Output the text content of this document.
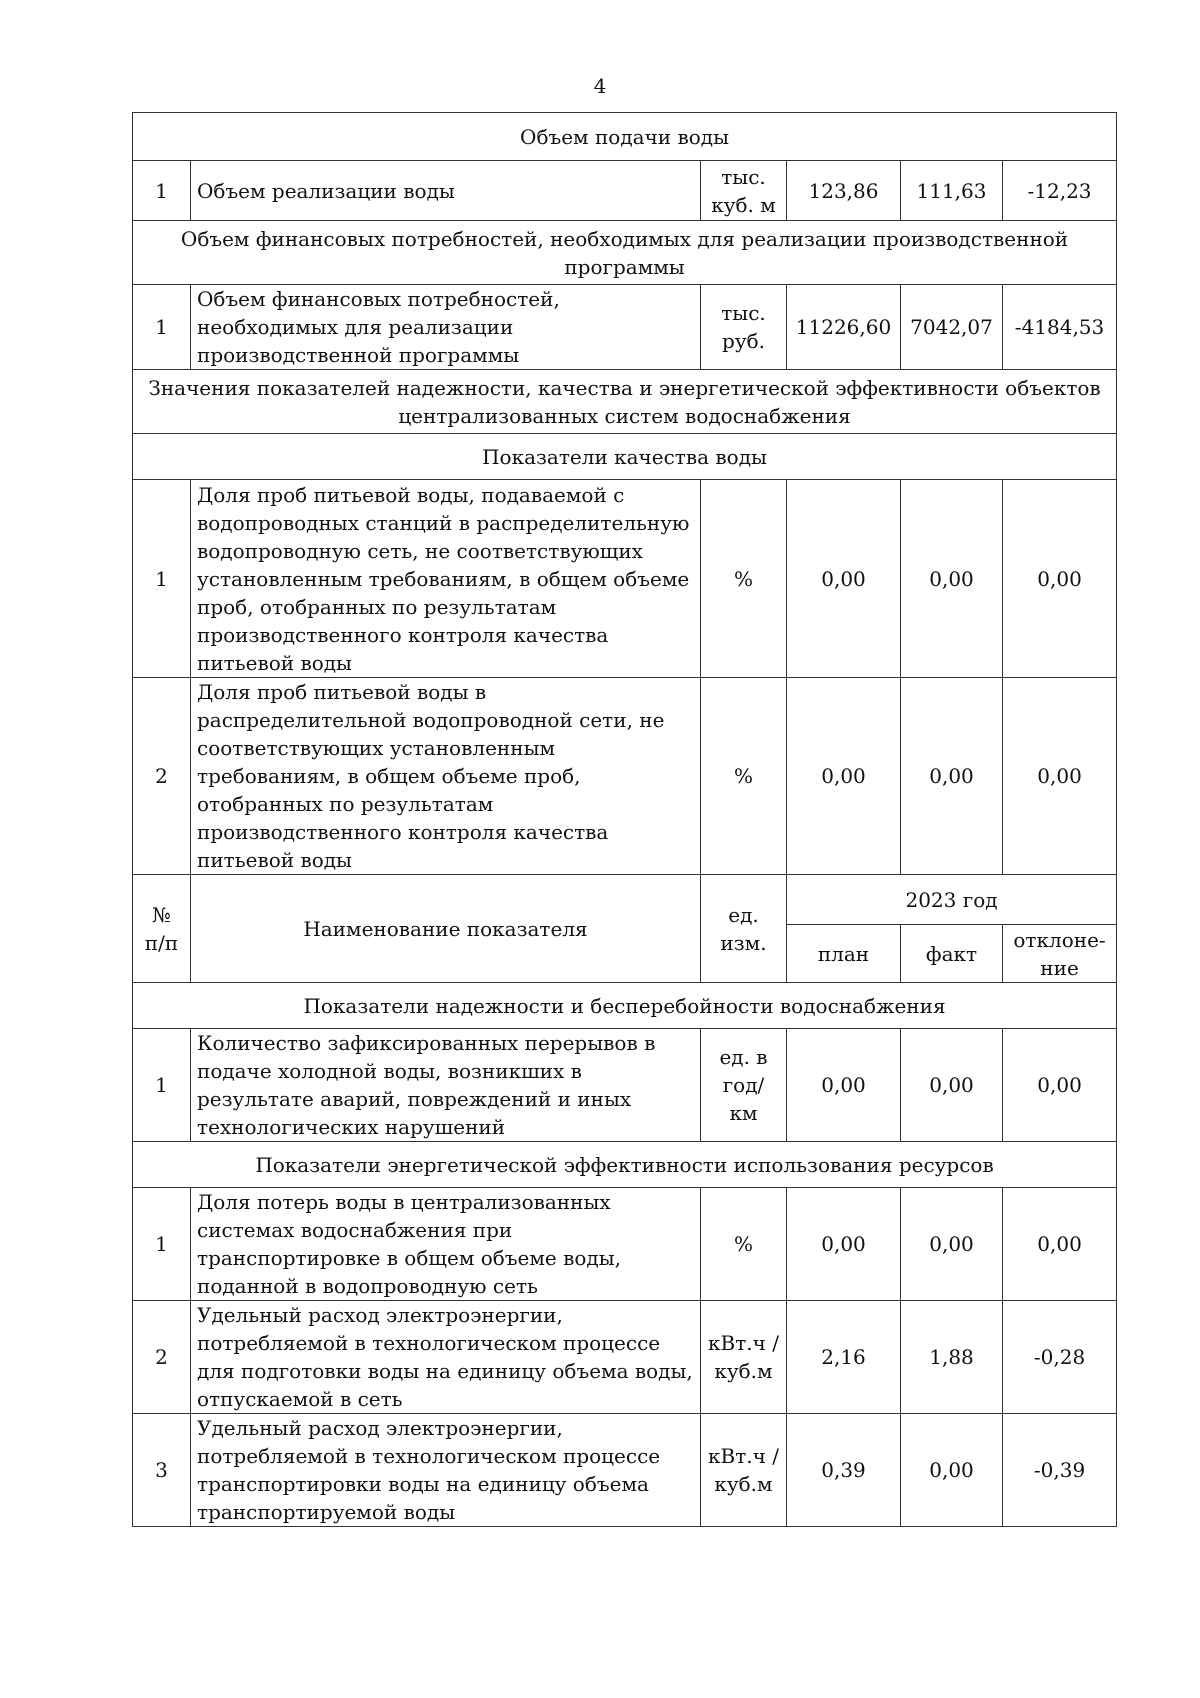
4
Объем подачи воды					
1	Объем реализации воды	тыс. куб. м	123,86	111,63	-12,23
Объем финансовых потребностей, необходимых для реализации производственной программы					
1	Объем финансовых потребностей, необходимых для реализации производственной программы	тыс. руб.	11226,60	7042,07	-4184,53
Значения показателей надежности, качества и энергетической эффективности объектов централизованных систем водоснабжения					
Показатели качества воды					
1	Доля проб питьевой воды, подаваемой с водопроводных станций в распределительную водопроводную сеть, не соответствующих установленным требованиям, в общем объеме проб, отобранных по результатам производственного контроля качества питьевой воды	%	0,00	0,00	0,00
2	Доля проб питьевой воды в распределительной водопроводной сети, не соответствующих установленным требованиям, в общем объеме проб, отобранных по результатам производственного контроля качества питьевой воды	%	0,00	0,00	0,00
№ п/п	Наименование показателя	ед. изм.	2023 год		
			план	факт	отклоне-ние
Показатели надежности и бесперебойности водоснабжения					
1	Количество зафиксированных перерывов в подаче холодной воды, возникших в результате аварий, повреждений и иных технологических нарушений	ед. в год/ км	0,00	0,00	0,00
Показатели энергетической эффективности использования ресурсов					
1	Доля потерь воды в централизованных системах водоснабжения при транспортировке в общем объеме воды, поданной в водопроводную сеть	%	0,00	0,00	0,00
2	Удельный расход электроэнергии, потребляемой в технологическом процессе для подготовки воды на единицу объема воды, отпускаемой в сеть	кВт.ч / куб.м	2,16	1,88	-0,28
3	Удельный расход электроэнергии, потребляемой в технологическом процессе транспортировки воды на единицу объема транспортируемой воды	кВт.ч / куб.м	0,39	0,00	-0,39
